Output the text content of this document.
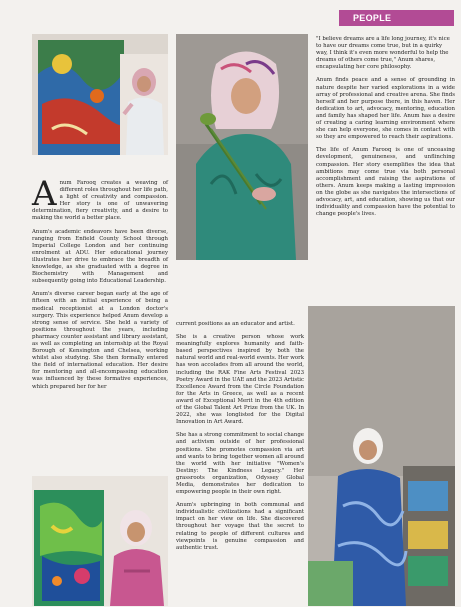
PEOPLE

Anum Farooq creates a weaving of different roles throughout her life path, a light of creativity and compassion. Her story is one of unwavering determination, fiery creativity, and a desire to making the world a better place.

Anum's academic endeavors have been diverse, ranging from Enfield County School through Imperial College London and her continuing enrolment at ADU. Her educational journey illustrates her drive to embrace the breadth of knowledge, as she graduated with a degree in Biochemistry with Management and subsequently going into Educational Leadership.

Anum's diverse career began early at the age of fifteen with an initial experience of being a medical receptionist at a London doctor's surgery. This experience helped Anum develop a strong sense of service. She held a variety of positions throughout the years, including pharmacy counter assistant and library assistant, as well as completing an internship at the Royal Borough of Kensington and Chelsea, working whilst also studying. She then formally entered the field of international education. Her desire for mentoring and all-encompassing education was influenced by these formative experiences, which prepared her for her

current positions as an educator and artist.

She is a creative person whose work meaningfully explores humanity and faith-based perspectives inspired by both the natural world and real-world events. Her work has won accolades from all around the world, including the RAK Fine Arts Festival 2023 Poetry Award in the UAE and the 2023 Artistic Excellence Award from the Circle Foundation for the Arts in Greece, as well as a recent award of Exceptional Merit in the 4th edition of the Global Talent Art Prize from the UK. In 2022, she was longlisted for the Digital Innovation in Art Award.

She has a strong commitment to social change and activism outside of her professional positions. She promotes compassion via art and wants to bring together women all around the world with her initiative "Women's Destiny: The Kindness Legacy." Her grassroots organization, Odyssey Global Media, demonstrates her dedication to empowering people in their own right.

Anum's upbringing in both communal and individualistic civilizations had a significant impact on her view on life. She discovered throughout her voyage that the secret to relating to people of different cultures and viewpoints is genuine compassion and authentic trust.

"I believe dreams are a life long journey, it's nice to have our dreams come true, but in a quirky way, I think it's even more wonderful to help the dreams of others come true," Anum shares, encapsulating her core philosophy.

Anum finds peace and a sense of grounding in nature despite her varied explorations in a wide array of professional and creative arena. She finds herself and her purpose there, in this haven. Her dedication to art, advocacy, mentoring, education and family has shaped her life. Anum has a desire of creating a caring learning environment where she can help everyone, she comes in contact with so they are empowered to reach their aspirations.

The life of Anum Farooq is one of unceasing development, genuineness, and unflinching compassion. Her story exemplifies the idea that ambitions may come true via both personal accomplishment and raising the aspirations of others. Anum keeps making a lasting impression on the globe as she navigates the intersections of advocacy, art, and education, showing us that our individuality and compassion have the potential to change people's lives.
